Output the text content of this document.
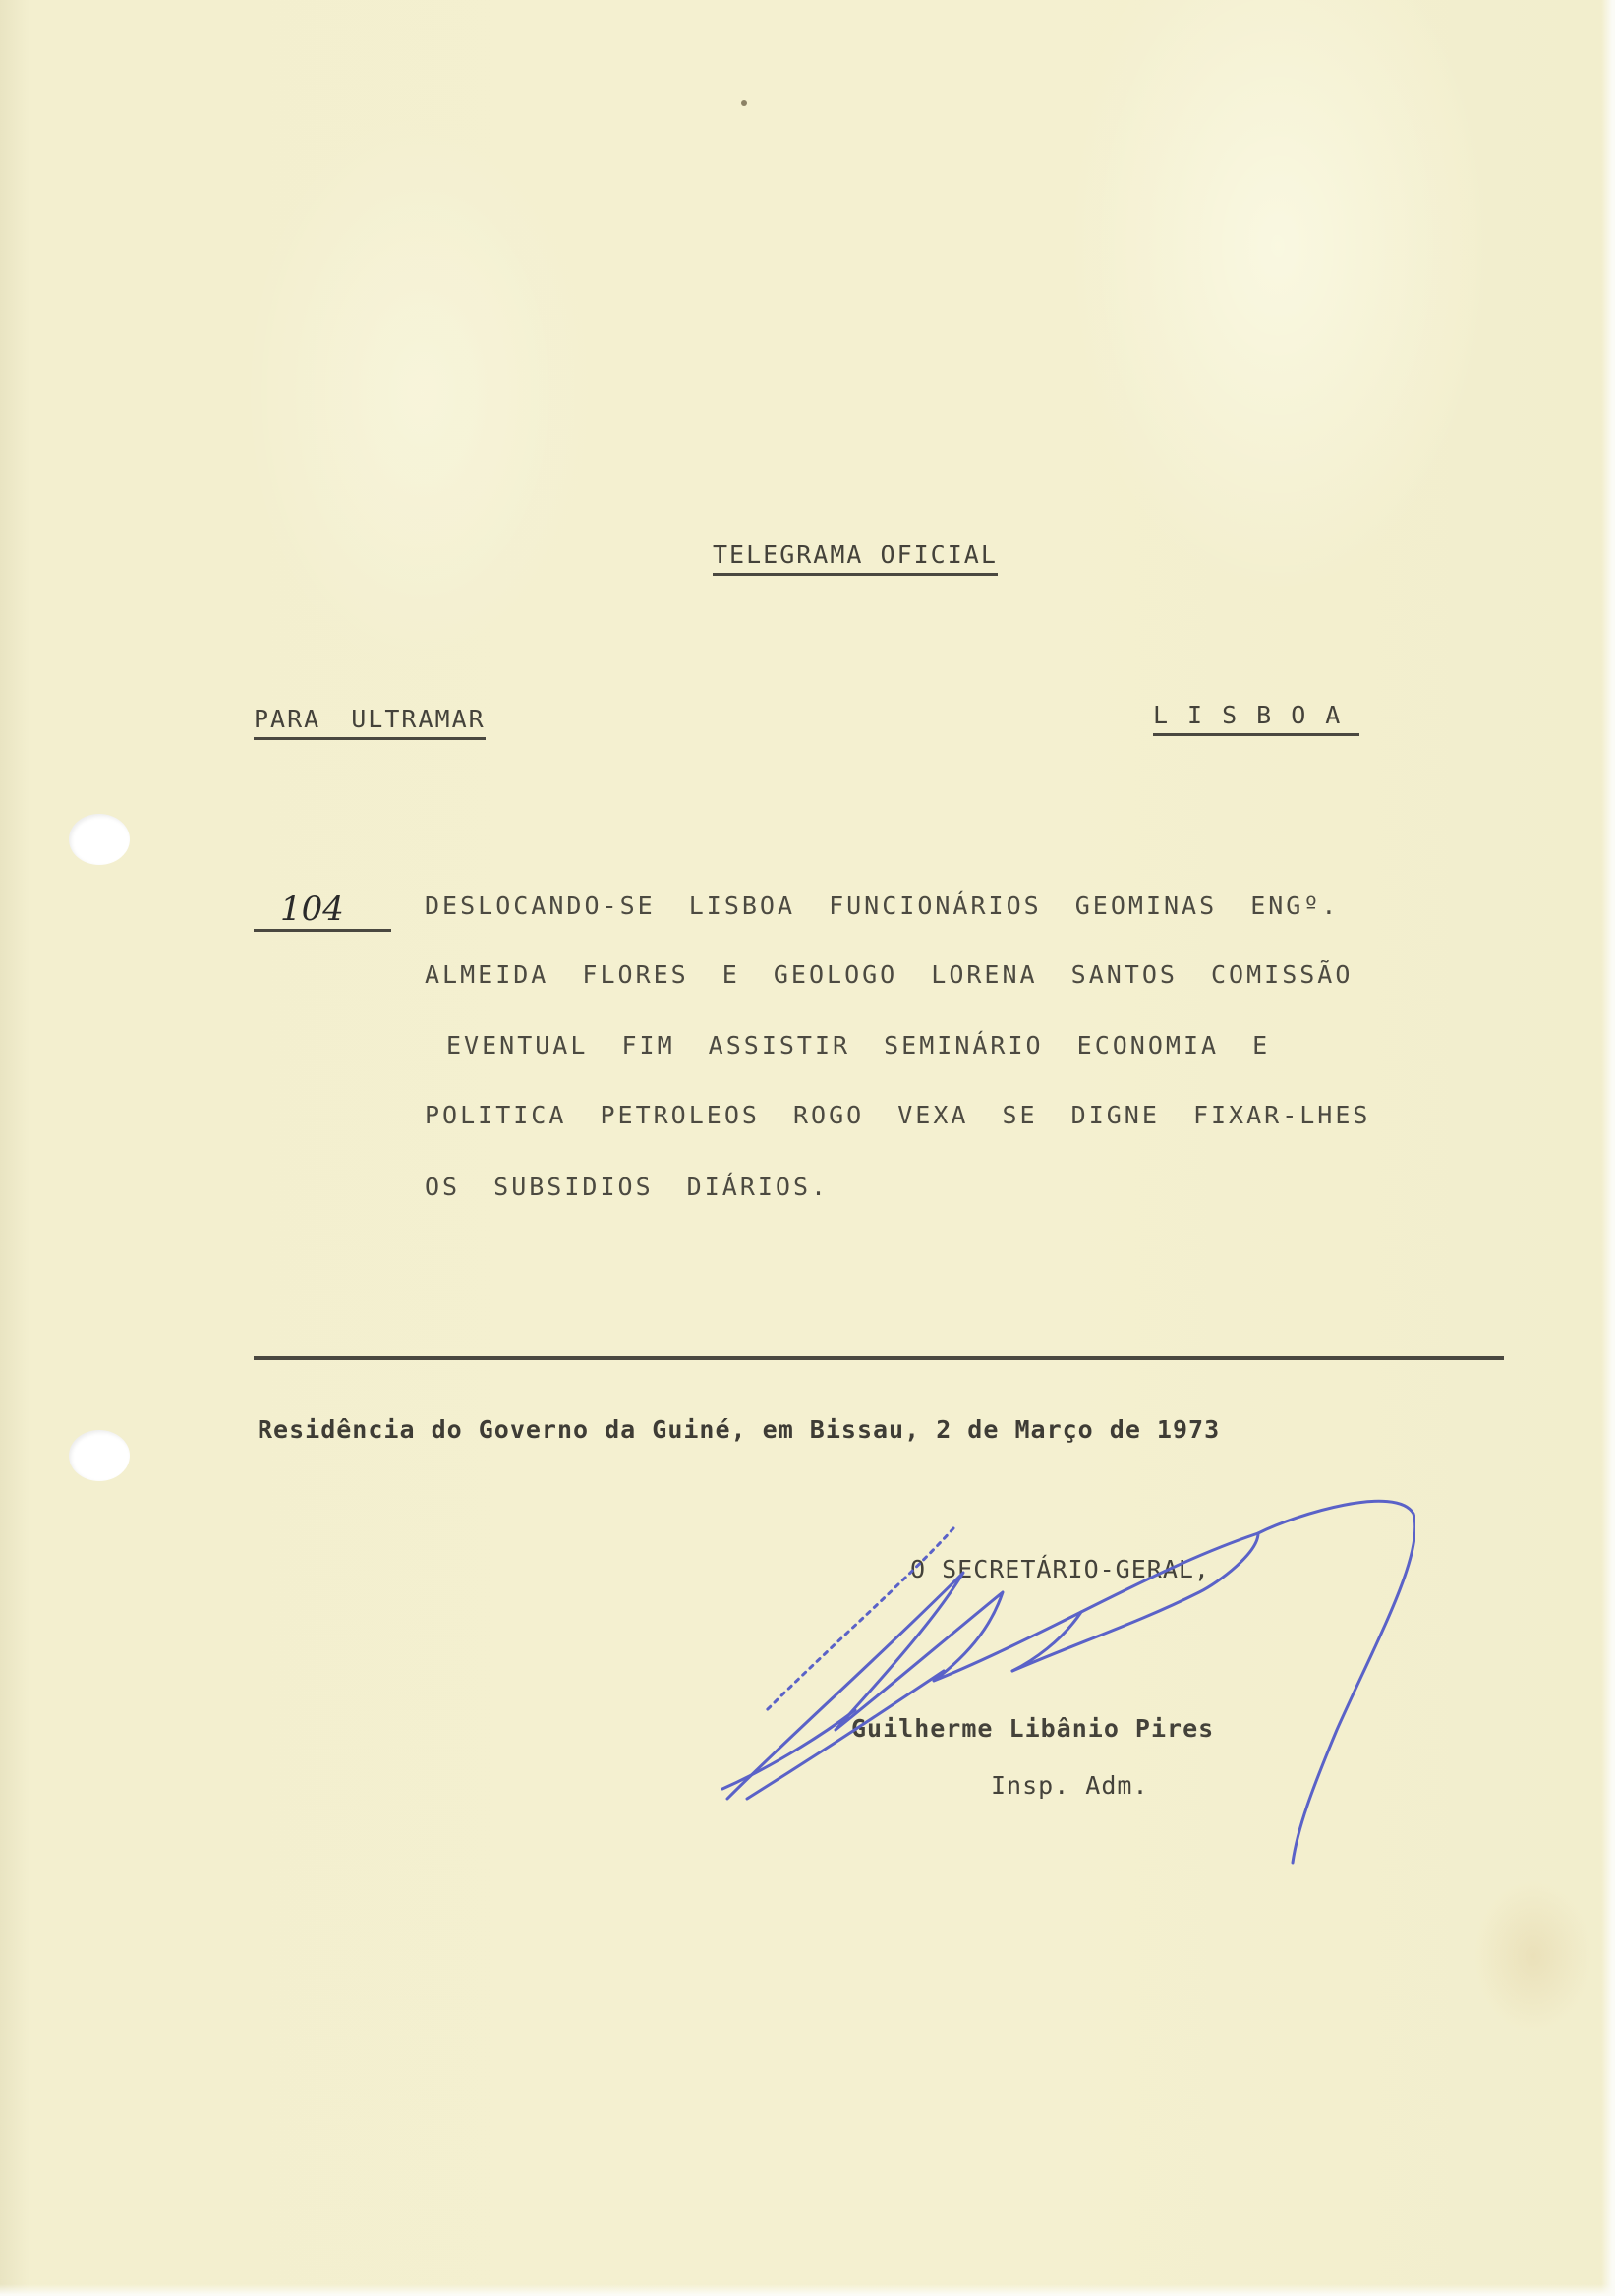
TELEGRAMA OFICIAL
PARA ULTRAMAR	LISBOA
104	DESLOCANDO-SE LISBOA FUNCIONÁRIOS GEOMINAS ENGº.
ALMEIDA FLORES E GEOLOGO LORENA SANTOS COMISSÃO
EVENTUAL FIM ASSISTIR SEMINÁRIO ECONOMIA E
POLITICA PETROLEOS ROGO VEXA SE DIGNE FIXAR-LHES
OS SUBSIDIOS DIÁRIOS.
Residência do Governo da Guiné, em Bissau, 2 de Março de 1973
O SECRETÁRIO-GERAL,
Guilherme Libânio Pires
Insp. Adm.
